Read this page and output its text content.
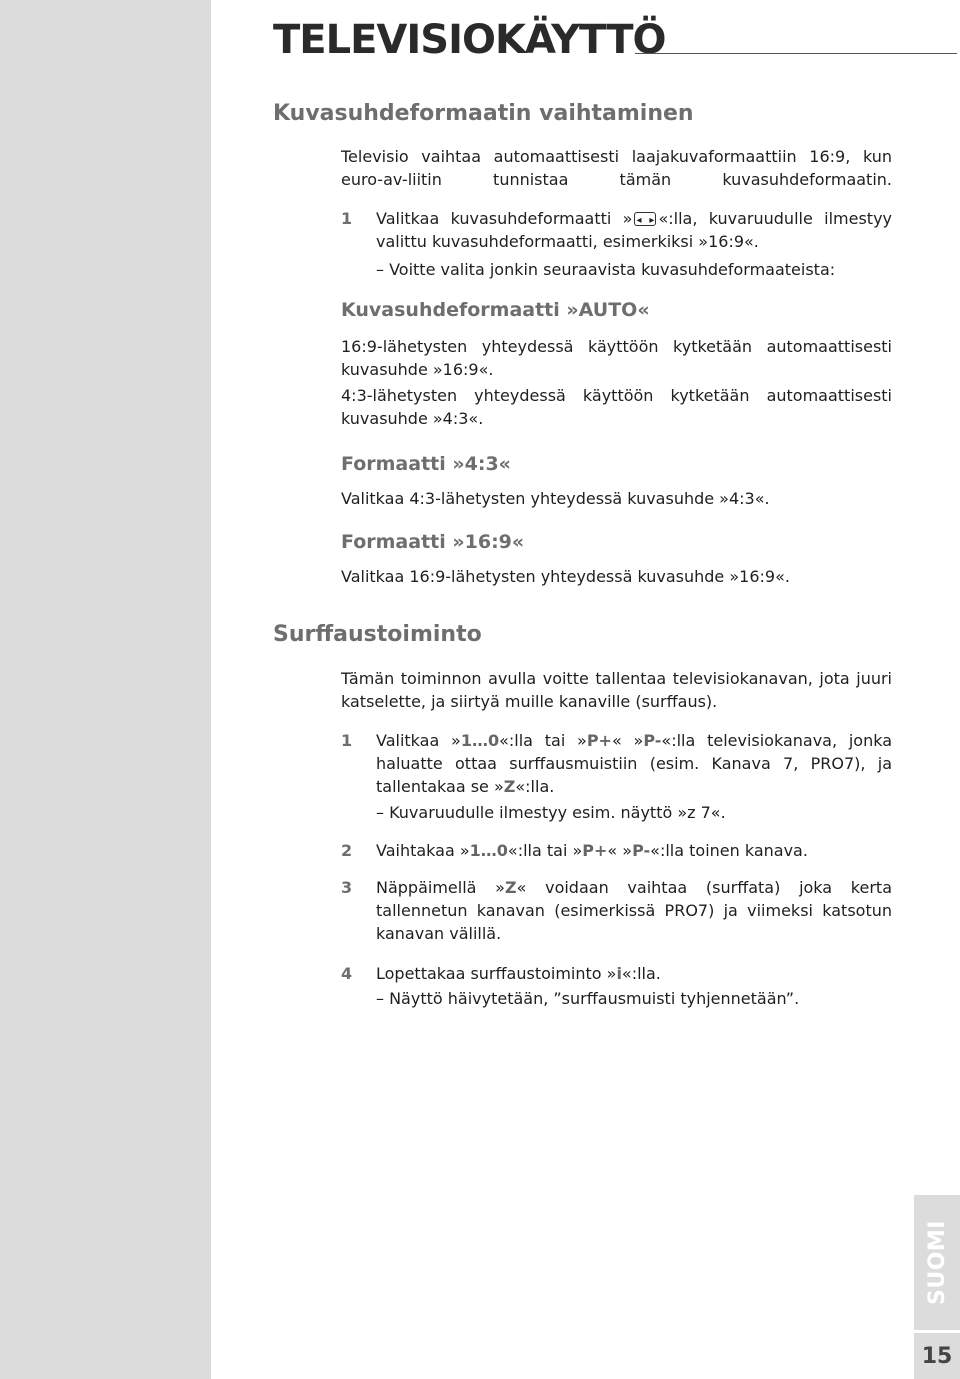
TELEVISIOKÄYTTÖ
Kuvasuhdeformaatin vaihtaminen
Televisio vaihtaa automaattisesti laajakuvaformaattiin 16:9, kun euro-av-liitin tunnistaa tämän kuvasuhdeformaatin.
1 Valitkaa kuvasuhdeformaatti »◂ ▸ «:lla, kuvaruudulle ilmestyy valittu kuvasuhdeformaatti, esimerkiksi »16:9«.
– Voitte valita jonkin seuraavista kuvasuhdeformaateista:
Kuvasuhdeformaatti »AUTO«
16:9-lähetysten yhteydessä käyttöön kytketään automaattisesti kuvasuhde »16:9«.
4:3-lähetysten yhteydessä käyttöön kytketään automaattisesti kuvasuhde »4:3«.
Formaatti »4:3«
Valitkaa 4:3-lähetysten yhteydessä kuvasuhde »4:3«.
Formaatti »16:9«
Valitkaa 16:9-lähetysten yhteydessä kuvasuhde »16:9«.
Surffaustoiminto
Tämän toiminnon avulla voitte tallentaa televisiokanavan, jota juuri katselette, ja siirtyä muille kanaville (surffaus).
1 Valitkaa »1…0«:lla tai »P+« »P-«:lla televisiokanava, jonka haluatte ottaa surffausmuistiin (esim. Kanava 7, PRO7), ja tallentakaa se »Z«:lla.
– Kuvaruudulle ilmestyy esim. näyttö »z 7«.
2 Vaihtakaa »1…0«:lla tai »P+« »P-«:lla toinen kanava.
3 Näppäimellä »Z« voidaan vaihtaa (surffata) joka kerta tallennetun kanavan (esimerkissä PRO7) ja viimeksi katsotun kanavan välillä.
4 Lopettakaa surffaustoiminto »i«:lla.
– Näyttö häivytetään, ”surffausmuisti tyhjennetään”.
SUOMI
15
